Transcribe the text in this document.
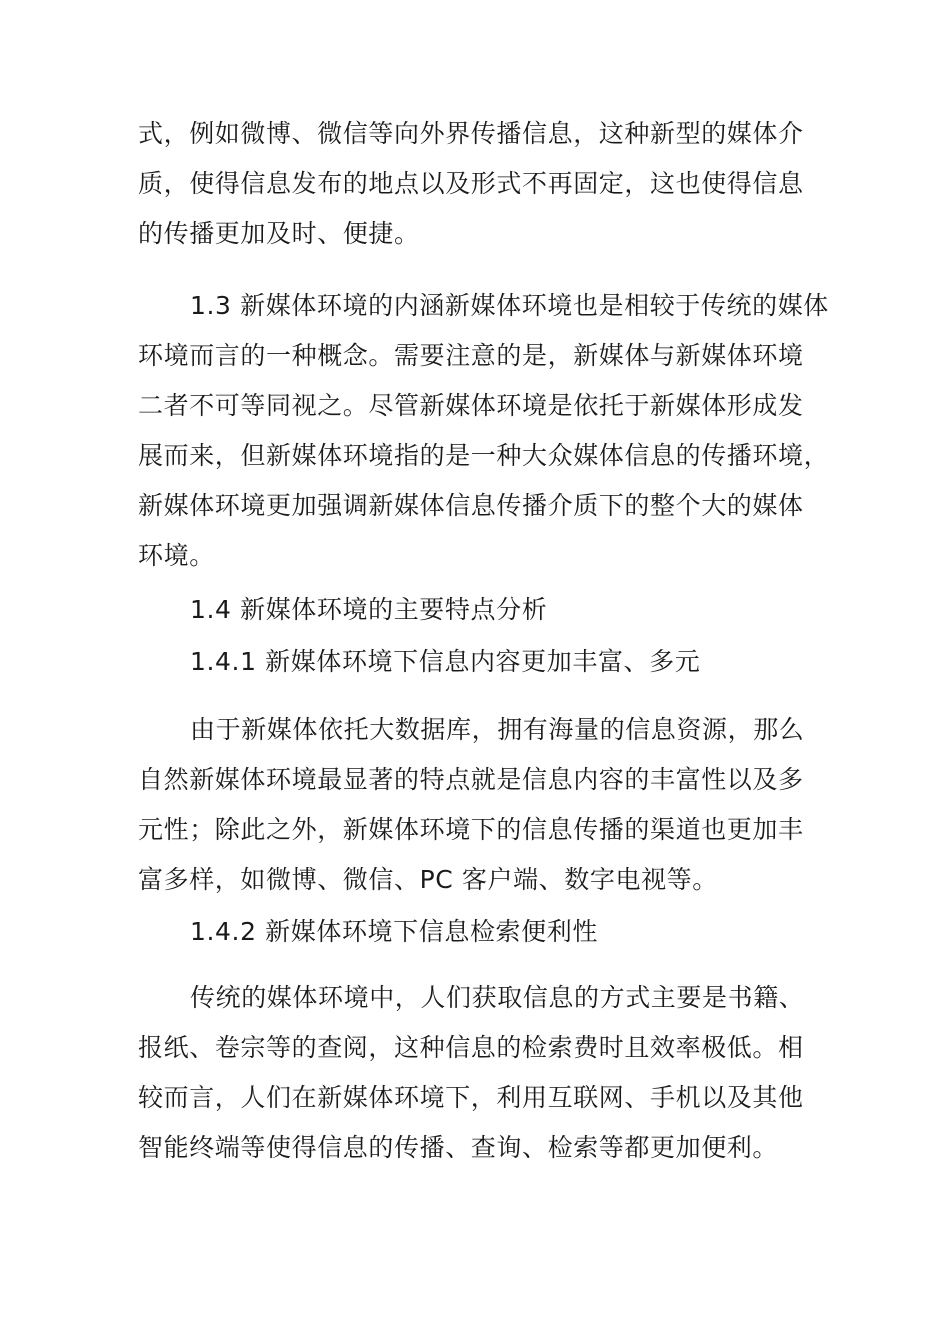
式，例如微博、微信等向外界传播信息，这种新型的媒体介
质，使得信息发布的地点以及形式不再固定，这也使得信息
的传播更加及时、便捷。
1.3 新媒体环境的内涵新媒体环境也是相较于传统的媒体
环境而言的一种概念。需要注意的是，新媒体与新媒体环境
二者不可等同视之。尽管新媒体环境是依托于新媒体形成发
展而来，但新媒体环境指的是一种大众媒体信息的传播环境，
新媒体环境更加强调新媒体信息传播介质下的整个大的媒体
环境。
1.4 新媒体环境的主要特点分析
1.4.1 新媒体环境下信息内容更加丰富、多元
由于新媒体依托大数据库，拥有海量的信息资源，那么
自然新媒体环境最显著的特点就是信息内容的丰富性以及多
元性；除此之外，新媒体环境下的信息传播的渠道也更加丰
富多样，如微博、微信、PC 客户端、数字电视等。
1.4.2 新媒体环境下信息检索便利性
传统的媒体环境中，人们获取信息的方式主要是书籍、
报纸、卷宗等的查阅，这种信息的检索费时且效率极低。相
较而言，人们在新媒体环境下，利用互联网、手机以及其他
智能终端等使得信息的传播、查询、检索等都更加便利。
